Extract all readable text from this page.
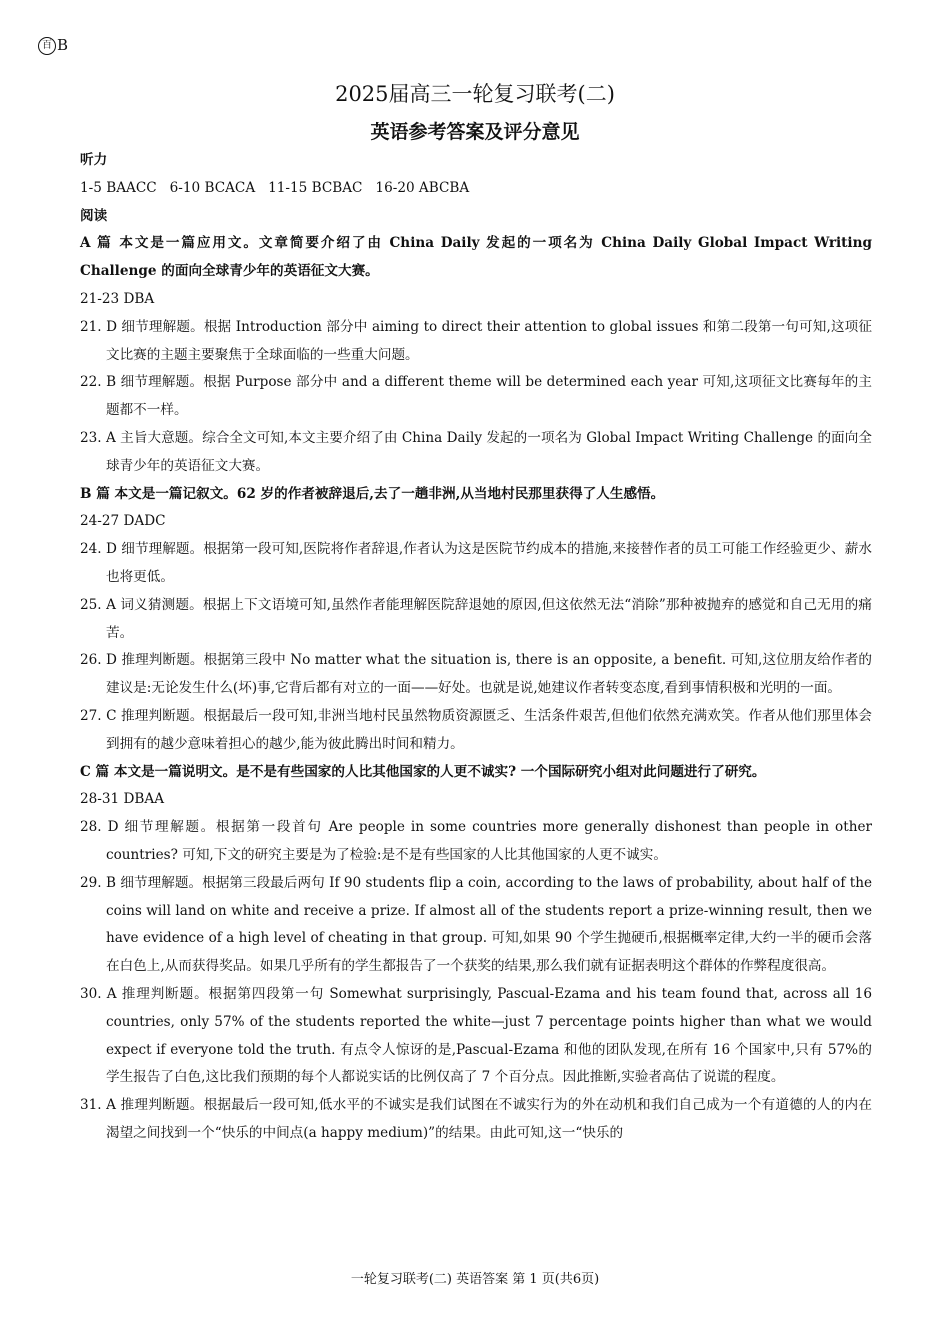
百 B
2025届高三一轮复习联考(二)
英语参考答案及评分意见

听力

1-5 BAACC   6-10 BCACA   11-15 BCBAC   16-20 ABCBA

阅读

A 篇 本文是一篇应用文。文章简要介绍了由 China Daily 发起的一项名为 China Daily Global Impact Writing Challenge 的面向全球青少年的英语征文大赛。

21-23 DBA

21. D 细节理解题。根据 Introduction 部分中 aiming to direct their attention to global issues 和第二段第一句可知,这项征文比赛的主题主要聚焦于全球面临的一些重大问题。

22. B 细节理解题。根据 Purpose 部分中 and a different theme will be determined each year 可知,这项征文比赛每年的主题都不一样。

23. A 主旨大意题。综合全文可知,本文主要介绍了由 China Daily 发起的一项名为 Global Impact Writing Challenge 的面向全球青少年的英语征文大赛。

B 篇 本文是一篇记叙文。62 岁的作者被辞退后,去了一趟非洲,从当地村民那里获得了人生感悟。

24-27 DADC

24. D 细节理解题。根据第一段可知,医院将作者辞退,作者认为这是医院节约成本的措施,来接替作者的员工可能工作经验更少、薪水也将更低。

25. A 词义猜测题。根据上下文语境可知,虽然作者能理解医院辞退她的原因,但这依然无法“消除”那种被抛弃的感觉和自己无用的痛苦。

26. D 推理判断题。根据第三段中 No matter what the situation is, there is an opposite, a benefit. 可知,这位朋友给作者的建议是:无论发生什么(坏)事,它背后都有对立的一面——好处。也就是说,她建议作者转变态度,看到事情积极和光明的一面。

27. C 推理判断题。根据最后一段可知,非洲当地村民虽然物质资源匮乏、生活条件艰苦,但他们依然充满欢笑。作者从他们那里体会到拥有的越少意味着担心的越少,能为彼此腾出时间和精力。

C 篇 本文是一篇说明文。是不是有些国家的人比其他国家的人更不诚实? 一个国际研究小组对此问题进行了研究。

28-31 DBAA

28. D 细节理解题。根据第一段首句 Are people in some countries more generally dishonest than people in other countries? 可知,下文的研究主要是为了检验:是不是有些国家的人比其他国家的人更不诚实。

29. B 细节理解题。根据第三段最后两句 If 90 students flip a coin, according to the laws of probability, about half of the coins will land on white and receive a prize. If almost all of the students report a prize-winning result, then we have evidence of a high level of cheating in that group. 可知,如果 90 个学生抛硬币,根据概率定律,大约一半的硬币会落在白色上,从而获得奖品。如果几乎所有的学生都报告了一个获奖的结果,那么我们就有证据表明这个群体的作弊程度很高。

30. A 推理判断题。根据第四段第一句 Somewhat surprisingly, Pascual-Ezama and his team found that, across all 16 countries, only 57% of the students reported the white—just 7 percentage points higher than what we would expect if everyone told the truth. 有点令人惊讶的是,Pascual-Ezama 和他的团队发现,在所有 16 个国家中,只有 57%的学生报告了白色,这比我们预期的每个人都说实话的比例仅高了 7 个百分点。因此推断,实验者高估了说谎的程度。

31. A 推理判断题。根据最后一段可知,低水平的不诚实是我们试图在不诚实行为的外在动机和我们自己成为一个有道德的人的内在渴望之间找到一个“快乐的中间点(a happy medium)”的结果。由此可知,这一“快乐的

一轮复习联考(二) 英语答案 第 1 页(共6页)
